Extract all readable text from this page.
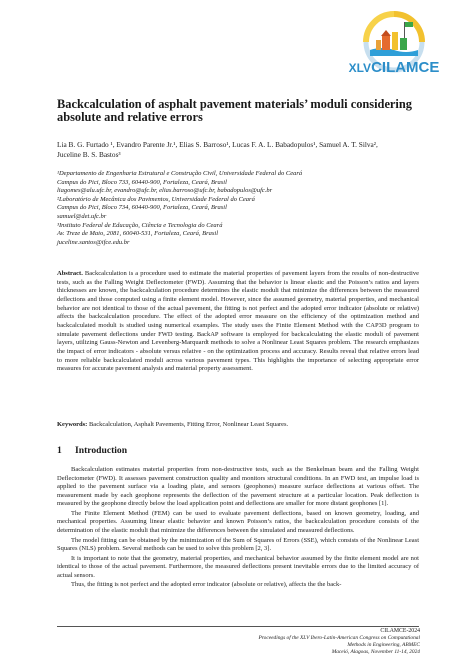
XLVCILAMCE
Backcalculation of asphalt pavement materials’ moduli considering absolute and relative errors
Lia B. G. Furtado ¹, Evandro Parente Jr.¹, Elias S. Barroso¹, Lucas F. A. L. Babadopulos¹, Samuel A. T. Silva²,
Juceline B. S. Bastos³
¹Departamento de Engenharia Estrutural e Construção Civil, Universidade Federal do Ceará
Campus do Pici, Bloco 733, 60440-900, Fortaleza, Ceará, Brasil
liagomes@alu.ufc.br, evandro@ufc.br, elias.barroso@ufc.br, babadopulos@ufc.br
²Laboratório de Mecânica dos Pavimentos, Universidade Federal do Ceará
Campus do Pici, Bloco 734, 60440-900, Fortaleza, Ceará, Brasil
samuel@det.ufc.br
³Instituto Federal de Educação, Ciência e Tecnologia do Ceará
Av. Treze de Maio, 2081, 60040-531, Fortaleza, Ceará, Brasil
juceline.santos@ifce.edu.br
Abstract. Backcalculation is a procedure used to estimate the material properties of pavement layers from the results of non-destructive tests, such as the Falling Weight Deflectometer (FWD). Assuming that the behavior is linear elastic and the Poisson’s ratios and layers thicknesses are known, the backcalculation procedure determines the elastic moduli that minimize the differences between the measured deflections and those computed using a finite element model. However, since the assumed geometry, material properties, and mechanical behavior are not identical to those of the actual pavement, the fitting is not perfect and the adopted error indicator (absolute or relative) affects the backcalculation procedure. The effect of the adopted error measure on the efficiency of the optimization method and backcalculated moduli is studied using numerical examples. The study uses the Finite Element Method with the CAP3D program to simulate pavement deflections under FWD testing. BackAP software is employed for backcalculating the elastic moduli of pavement layers, utilizing Gauss-Newton and Levenberg-Marquardt methods to solve a Nonlinear Least Squares problem. The research emphasizes the impact of error indicators - absolute versus relative - on the optimization process and accuracy. Results reveal that relative errors lead to more reliable backcalculated moduli across various pavement types. This highlights the importance of selecting appropriate error measures for accurate pavement analysis and material property assessment.
Keywords: Backcalculation, Asphalt Pavements, Fitting Error, Nonlinear Least Squares.
1 Introduction

Backcalculation estimates material properties from non-destructive tests, such as the Benkelman beam and the Falling Weight Deflectometer (FWD). It assesses pavement construction quality and monitors structural conditions. In an FWD test, an impulse load is applied to the pavement surface via a loading plate, and sensors (geophones) measure surface deflections at various offset. The measurement made by each geophone represents the deflection of the pavement structure at a particular location. Peak deflection is measured by the geophone directly below the load application point and deflections are smaller for more distant geophones [1].

The Finite Element Method (FEM) can be used to evaluate pavement deflections, based on known geometry, loading, and mechanical properties. Assuming linear elastic behavior and known Poisson’s ratios, the backcalculation procedure consists of the determination of the elastic moduli that minimize the differences between the simulated and measured deflections.

The model fitting can be obtained by the minimization of the Sum of Squares of Errors (SSE), which consists of the Nonlinear Least Squares (NLS) problem. Several methods can be used to solve this problem [2, 3].

It is important to note that the geometry, material properties, and mechanical behavior assumed by the finite element model are not identical to those of the actual pavement. Furthermore, the measured deflections present inevitable errors due to the limited accuracy of actual sensors.

Thus, the fitting is not perfect and the adopted error indicator (absolute or relative), affects the the back-

CILAMCE-2024
Proceedings of the XLV Ibero-Latin-American Congress on Computational Methods in Engineering, ABMEC
Maceió, Alagoas, November 11-14, 2024
